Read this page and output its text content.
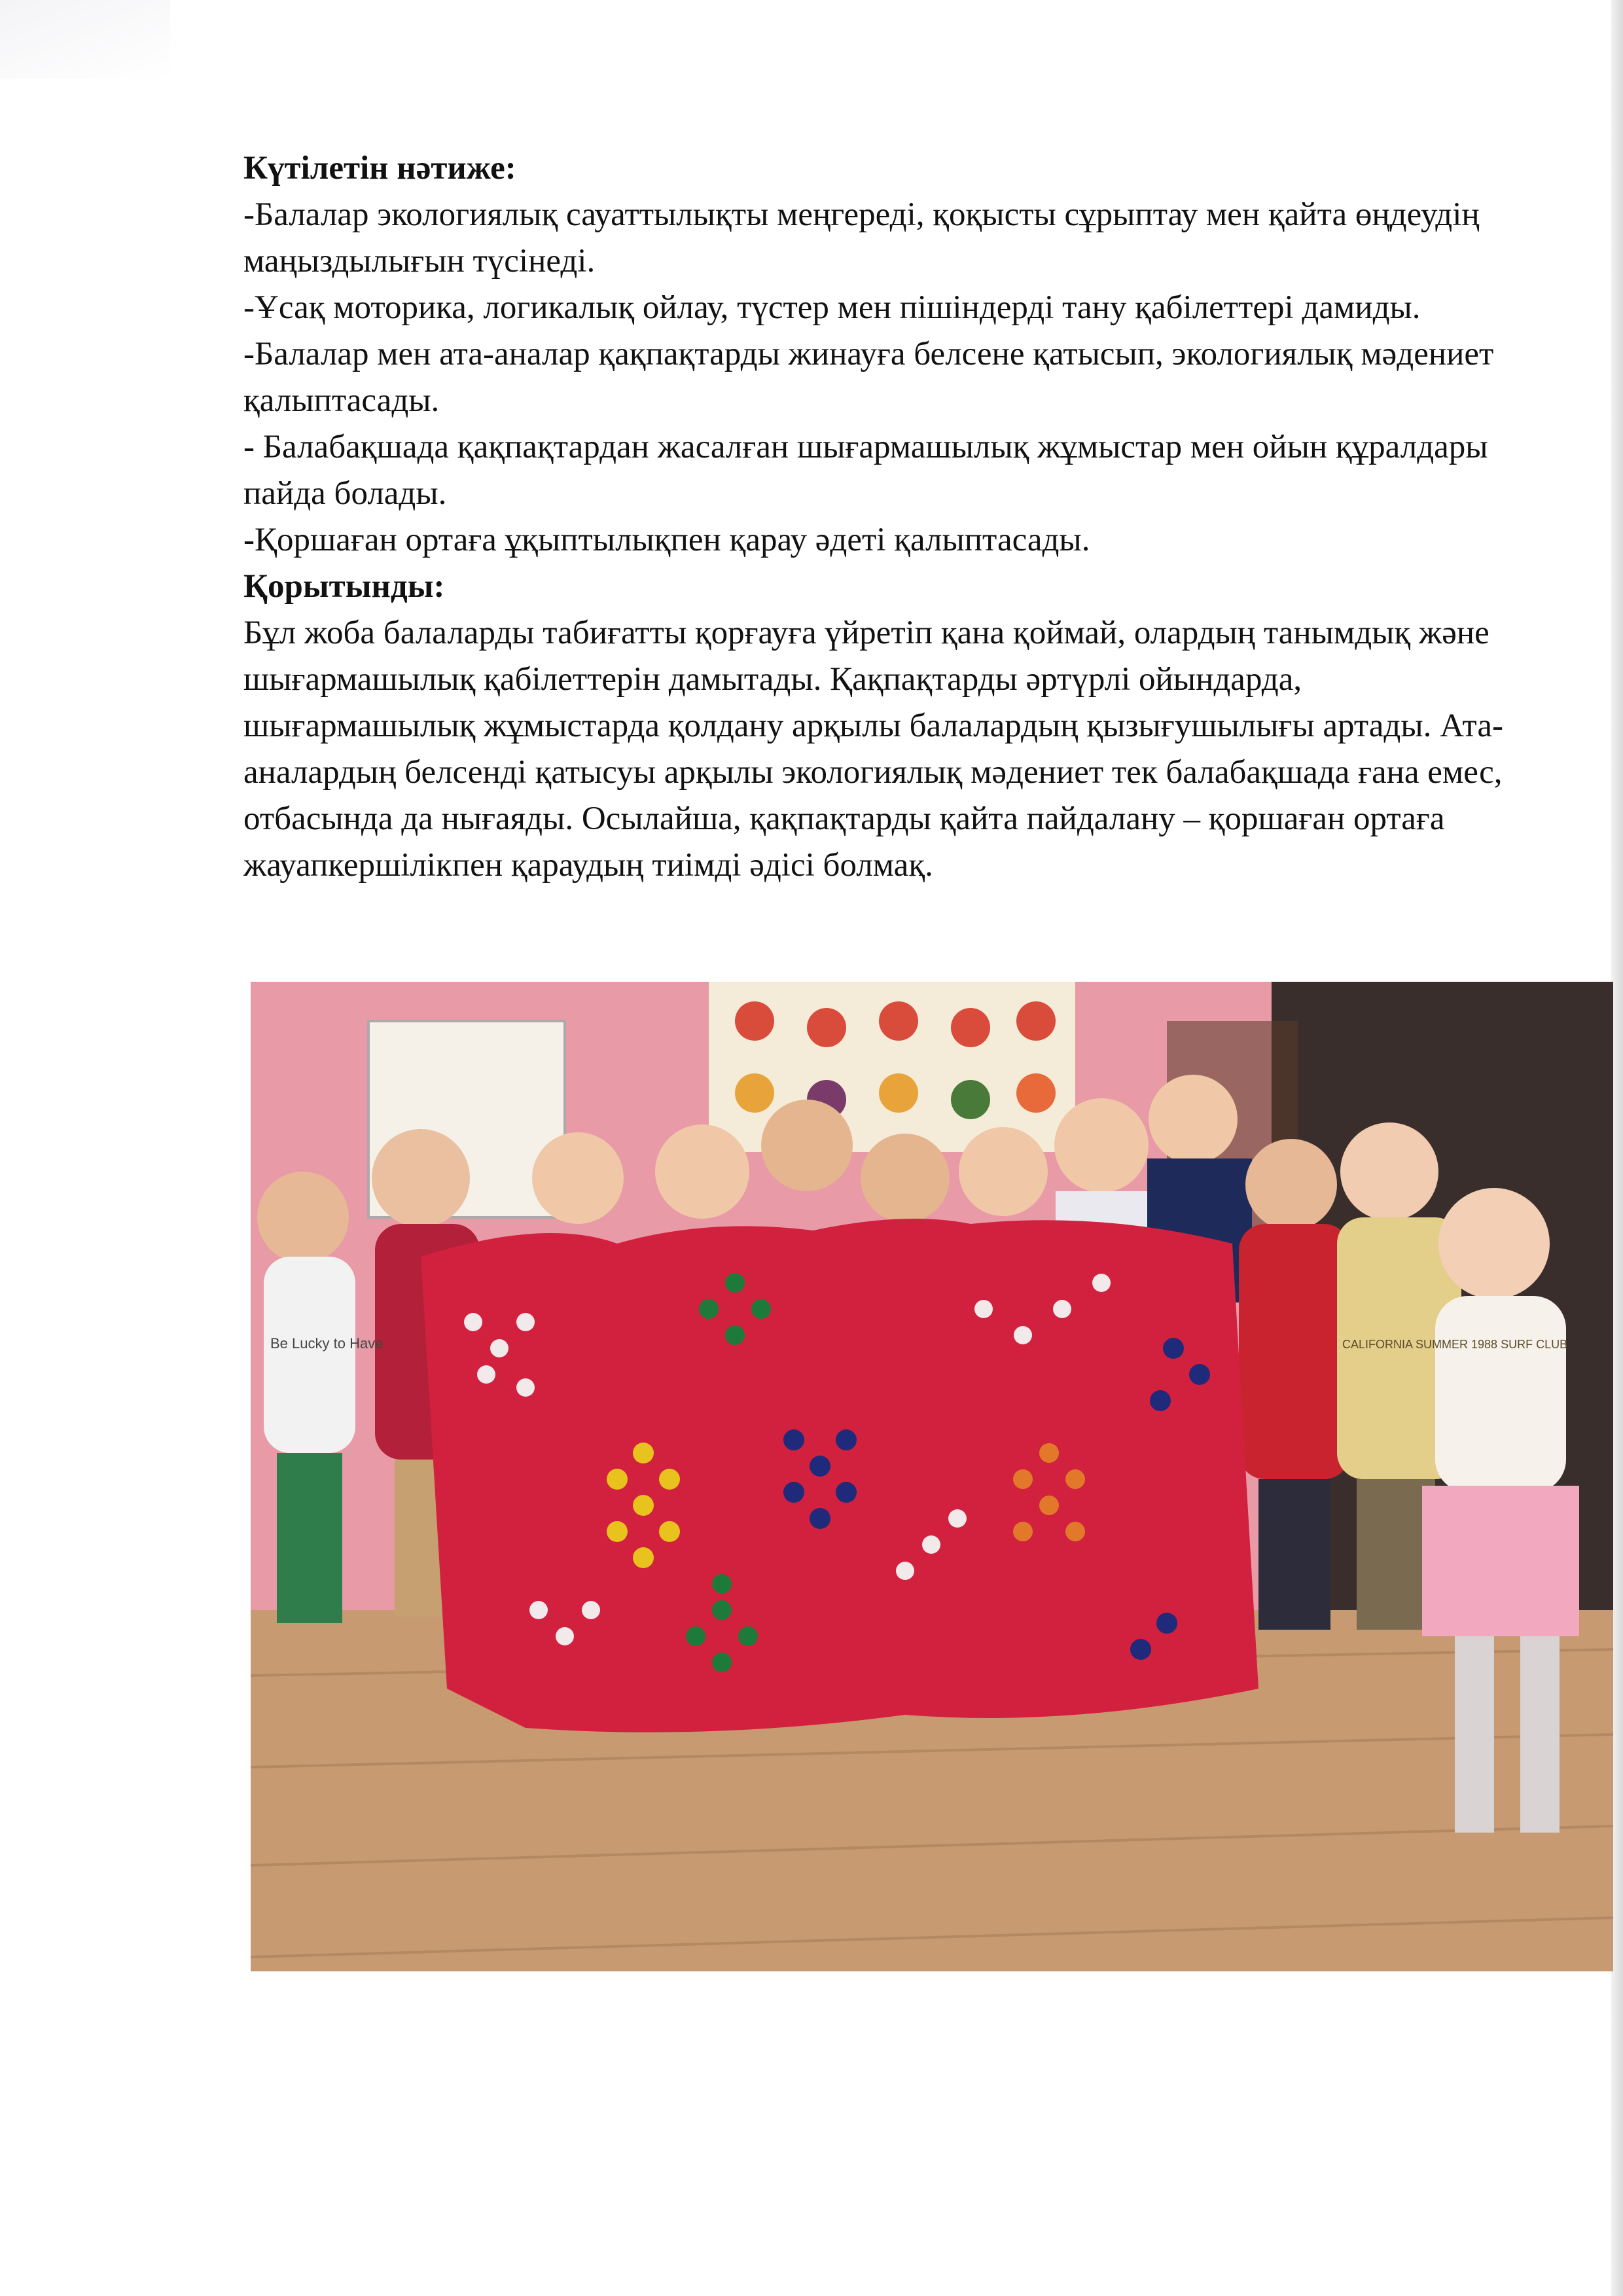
Күтілетін нәтиже:

-Балалар экологиялық сауаттылықты меңгереді, қоқысты сұрыптау мен қайта өңдеудің маңыздылығын түсінеді.

-Ұсақ моторика, логикалық ойлау, түстер мен пішіндерді тану қабілеттері дамиды.

-Балалар мен ата-аналар қақпақтарды жинауға белсене қатысып, экологиялық мәдениет қалыптасады.

- Балабақшада қақпақтардан жасалған шығармашылық жұмыстар мен ойын құралдары пайда болады.

-Қоршаған ортаға ұқыптылықпен қарау әдеті қалыптасады.

Қорытынды:

Бұл жоба балаларды табиғатты қорғауға үйретіп қана қоймай, олардың танымдық және шығармашылық қабілеттерін дамытады. Қақпақтарды әртүрлі ойындарда, шығармашылық жұмыстарда қолдану арқылы балалардың қызығушылығы артады. Ата-аналардың белсенді қатысуы арқылы экологиялық мәдениет тек балабақшада ғана емес, отбасында да нығаяды. Осылайша, қақпақтарды қайта пайдалану – қоршаған ортаға жауапкершілікпен қараудың тиімді әдісі болмақ.

Be Lucky to Have	CALIFORNIA SUMMER 1988 SURF CLUB
